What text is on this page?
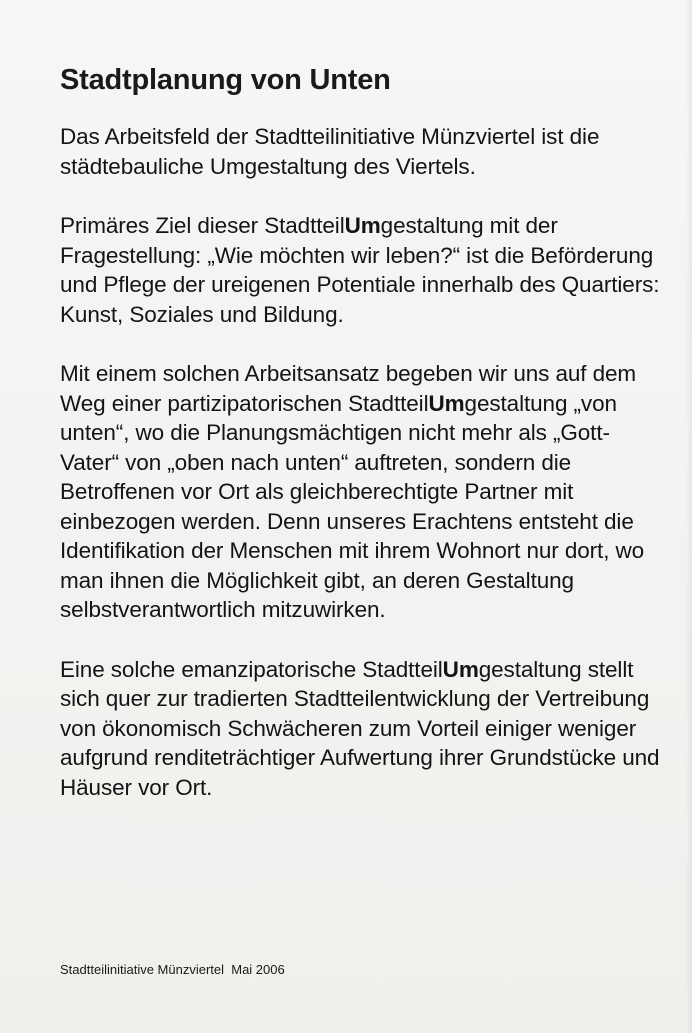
Stadtplanung von Unten

Das Arbeitsfeld der Stadtteilinitiative Münzviertel ist die städtebauliche Umgestaltung des Viertels.

Primäres Ziel dieser StadtteilUmgestaltung mit der Fragestellung: „Wie möchten wir leben?“ ist die Beförderung und Pflege der ureigenen Potentiale innerhalb des Quartiers: Kunst, Soziales und Bildung.

Mit einem solchen Arbeitsansatz begeben wir uns auf dem Weg einer partizipatorischen StadtteilUmgestaltung „von unten“, wo die Planungsmächtigen nicht mehr als „Gott-Vater“ von „oben nach unten“ auftreten, sondern die Betroffenen vor Ort als gleichberechtigte Partner mit einbezogen werden. Denn unseres Erachtens entsteht die Identifikation der Menschen mit ihrem Wohnort nur dort, wo man ihnen die Möglichkeit gibt, an deren Gestaltung selbstverantwortlich mitzuwirken.

Eine solche emanzipatorische StadtteilUmgestaltung stellt sich quer zur tradierten Stadtteilentwicklung der Vertreibung von ökonomisch Schwächeren zum Vorteil einiger weniger aufgrund renditeträchtiger Aufwertung ihrer Grundstücke und Häuser vor Ort.

Stadtteilinitiative Münzviertel  Mai 2006
